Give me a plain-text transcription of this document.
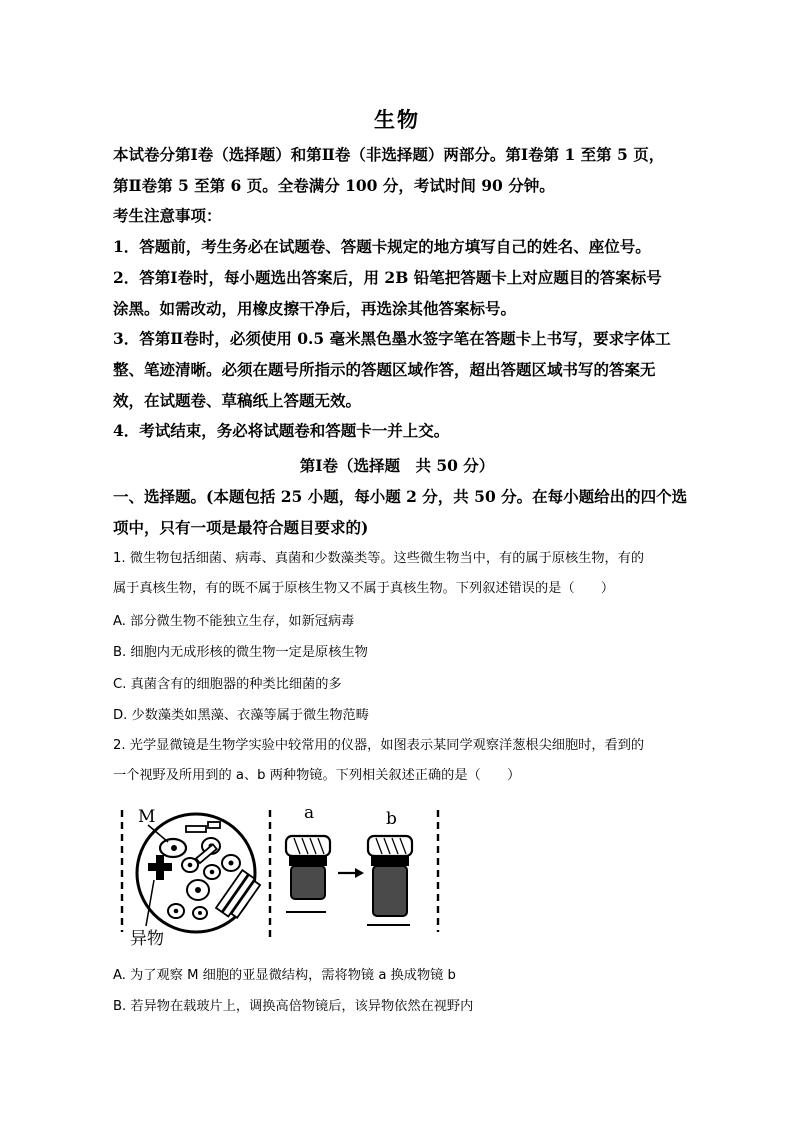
生物

本试卷分第Ⅰ卷（选择题）和第Ⅱ卷（非选择题）两部分。第Ⅰ卷第 1 至第 5 页，

第Ⅱ卷第 5 至第 6 页。全卷满分 100 分，考试时间 90 分钟。

考生注意事项：

1．答题前，考生务必在试题卷、答题卡规定的地方填写自己的姓名、座位号。

2．答第Ⅰ卷时，每小题选出答案后，用 2B 铅笔把答题卡上对应题目的答案标号

涂黑。如需改动，用橡皮擦干净后，再选涂其他答案标号。

3．答第Ⅱ卷时，必须使用 0.5 毫米黑色墨水签字笔在答题卡上书写，要求字体工

整、笔迹清晰。必须在题号所指示的答题区域作答，超出答题区域书写的答案无

效，在试题卷、草稿纸上答题无效。

4．考试结束，务必将试题卷和答题卡一并上交。

第Ⅰ卷（选择题　共 50 分）
一、选择题。(本题包括 25 小题，每小题 2 分，共 50 分。在每小题给出的四个选
项中，只有一项是最符合题目要求的)

1. 微生物包括细菌、病毒、真菌和少数藻类等。这些微生物当中，有的属于原核生物，有的

属于真核生物，有的既不属于原核生物又不属于真核生物。下列叙述错误的是（　　）

A. 部分微生物不能独立生存，如新冠病毒
B. 细胞内无成形核的微生物一定是原核生物
C. 真菌含有的细胞器的种类比细菌的多
D. 少数藻类如黑藻、衣藻等属于微生物范畴

2. 光学显微镜是生物学实验中较常用的仪器，如图表示某同学观察洋葱根尖细胞时，看到的

一个视野及所用到的 a、b 两种物镜。下列相关叙述正确的是（　　）

M
异物
a	b
A. 为了观察 M 细胞的亚显微结构，需将物镜 a 换成物镜 b
B. 若异物在载玻片上，调换高倍物镜后，该异物依然在视野内
